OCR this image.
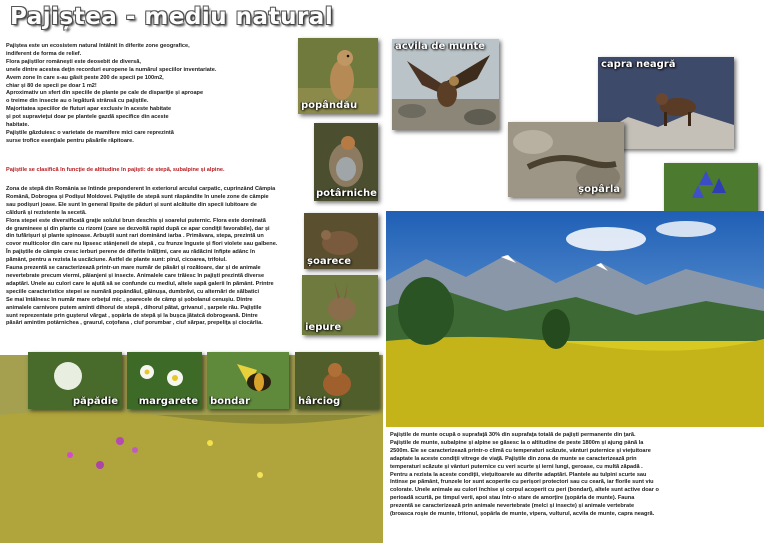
Pajiștea - mediu natural
Pajiștea este un ecosistem natural întâlnit în diferite zone geografice,
indiferent de forma de relief.
Flora pajiștilor românești este deosebit de diversă,
unele dintre acestea deţin recorduri europene la numărul speciilor inventariate.
Avem zone în care s-au găsit peste 200 de specii pe 100m2,
chiar și 80 de specii pe doar 1 m2!
Aproximativ un sfert din speciile de plante pe cale de dispariţie și aproape
o treime din insecte au o legătură strânsă cu pajiștile.
Majoritatea speciilor de fluturi apar exclusiv în aceste habitate
și pot supravieţui doar pe plantele gazdă specifice din aceste
habitate.
Pajiștile găzduiesc o varietate de mamifere mici care reprezintă
surse trofice esenţiale pentru păsările răpitoare.
Pajiștile se clasifică în funcţie de altitudine în pajiști: de stepă, subalpine și alpine.
Zona de stepă din România se întinde preponderent în exteriorul arcului carpatic, cuprinzând Câmpia
Română, Dobrogea și Podișul Moldovei. Pajiștile de stepă sunt răspândite în unele zone de câmpie
sau podișuri joase. Ele sunt în general lipsite de păduri și sunt alcătuite din specii iubitoare de
căldură și rezistente la secetă.
Flora stepei este diversificată graţie solului brun deschis și soarelui puternic. Flora este dominată
de gramineee și din plante cu rizomi (care se dezvoltă rapid după ce apar condiţii favorabile), dar și
din tufărișuri și plante spinoase. Arbuștii sunt rari dominând iarba . Primăvara, stepa, prezintă un
covor multicolor din care nu lipsesc stânjeneii de stepă , cu frunze înguste și flori violete sau galbene.
În pajiștile de câmpie cresc ierburi perene de diferite înălţimi, care au rădăcini înfipte adânc în
pământ, pentru a rezista la uscăciune. Astfel de plante sunt: pirul, cicoarea, trifoiul.
Fauna prezentă se caracterizează printr-un mare număr de păsări și rozătoare, dar și de animale
nevertebrate precum viermi, păianjeni și insecte. Animalele care trăiesc în pajiști prezintă diverse
adaptări. Unele au culori care le ajută să se confunde cu mediul, altele sapă galerii în pământ. Printre
speciile caracteristice stepei se numără popândăul, găinușa, dumbrăvi, cu alternări de sălbatici
Se mai întâlnesc în număr mare orbeţul mic , șoarecele de câmp și șobolanul cenușiu. Dintre
animalele carnivore putem aminti dihorul de stepă , dihorul pătat, grivanul , șarpele rău. Pajiștile
sunt reprezentate prin gușterul vărgat , șopârla de stepă și la bușca jătatcă dobrogeană. Dintre
păsări amintim potârnichea , graurul, coţofana , ciuf porumbar , ciuf sărpar, prepeliţa și ciocârlia.
popândău
acvila de munte
capra neagră
potârniche	șopârla
șoarece
iepure
păpădie margarete bondar	hârciog
Pajiștile de munte ocupă o suprafaţă 30% din suprafaţa totală de pajiști permanente din ţară.
Pajiștile de munte, subalpine și alpine se găsesc la o altitudine de peste 1800m și ajung până la
2500m. Ele se caracterizează printr-o climă cu temperaturi scăzute, vânturi puternice și vieţuitoare
adaptate la aceste condiţii vitrege de viaţă. Pajiștile din zona de munte se caracterizează prin
temperaturi scăzute și vânturi puternice cu veri scurte și ierni lungi, geroase, cu multă zăpadă .
Pentru a rezista la aceste condiţii, vieţuitoarele au diferite adaptări. Plantele au tulpini scurte sau
întinse pe pământ, frunzele lor sunt acoperite cu perișori protectori sau cu ceară, iar florile sunt viu
colorate. Unele animale au culori închise și corpul acoperit cu peri (bondari), altele sunt active doar o
perioadă scurtă, pe timpul verii, apoi stau într-o stare de amorţire (șopârla de munte). Fauna
prezentă se caracterizează prin animale nevertebrate (melci și insecte) și animale vertebrate
(broasca roșie de munte, tritonul, șopârla de munte, vipera, vulturul, acvila de munte, capra neagră.
